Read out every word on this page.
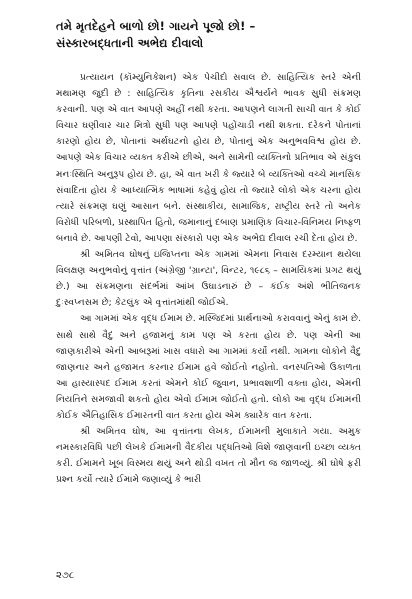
તમે મૃતદેહને બાળો છો! ગાયને પૂજો છો! –
સંસ્કારબદ્ધતાની અભેદ્ય દીવાલો

પ્રત્યાયન (કૉમ્યુનિકેશન) એક પેચીદો સવાલ છે. સાહિત્યિક સ્તરે એની મથામણ જુદી છે : સાહિત્યિક કૃતિના રસકીય ઐશ્વર્યને ભાવક સુધી સંક્રમણ કરવાની. પણ એ વાત આપણે અહીં નથી કરતા. આપણને લાગતી સાચી વાત કે કોઈ વિચાર ઘણીવાર ચાર મિત્રો સુધી પણ આપણે પહોંચાડી નથી શકતા. દરેકને પોતાનાં કારણો હોય છે, પોતાનાં અર્થઘટનો હોય છે, પોતાનું એક અનુભવવિશ્વ હોય છે. આપણે એક વિચાર વ્યક્ત કરીએ છીએ, અને સામેની વ્યક્તિનો પ્રતિભાવ એ સંકુલ મનઃસ્થિતિ અનુરૂપ હોય છે. હા, એ વાત ખરી કે જ્યારે બે વ્યક્તિઓ વચ્ચે માનસિક સંવાદિતા હોય કે આધ્યાત્મિક ભાષામાં કહેવું હોય તો જ્યારે લોકો એક ચરના હોય ત્યારે સંક્રમણ ઘણું આસાન બને. સંસ્થાકીય, સામાજિક, રાષ્ટ્રીય સ્તરે તો અનેક વિરોધી પરિબળો, પ્રસ્થાપિત હિતો, જમાનાનું દબાણ પ્રમાણિક વિચાર-વિનિમય નિષ્ફળ બનાવે છે. આપણી ટેવો, આપણા સંસ્કારો પણ એક અભેદ્ય દીવાલ રચી દેતા હોય છે.

શ્રી અમિતવ ઘોષનું ઇજિપ્તના એક ગામમાં એમના નિવાસ દરમ્યાન થયેલા વિલક્ષણ અનુભવોનું વૃત્તાંત (અંગ્રેજી 'ગ્રાન્ટા', વિન્ટર, ૧૯૮૬ – સામયિકમાં પ્રગટ થયું છે.) આ સંક્રમણના સંદર્ભમાં આંખ ઉઘાડનારું છે – કંઈક અંશે ભીતિજનક દુઃસ્વપ્નસમ છે; કેટલુંક એ વૃત્તાંતમાંથી જોઈએ.

આ ગામમાં એક વૃદ્ધ ઈમામ છે. મસ્જિદમાં પ્રાર્થનાઓ કરાવવાનું એનું કામ છે. સાથે સાથે વૈદું અને હજામનું કામ પણ એ કરતા હોય છે. પણ એની આ જાણકારીએ એની આબરૂમાં ખાસ વધારો આ ગામમાં કર્યો નથી. ગામના લોકોને વૈદું જાણનાર અને હજામત કરનાર ઈમામ હવે જોઈતો નહોતો. વનસ્પતિઓ ઉકાળતા આ હાસ્યાસ્પદ ઈમામ કરતાં એમને કોઈ જુવાન, પ્રભાવશાળી વક્તા હોય, એમની નિયતિને સમજાવી શકતો હોય એવો ઈમામ જોઈતો હતો. લોકો આ વૃદ્ધ ઈમામની કોઈક ઐતિહાસિક ઈમારતની વાત કરતા હોય એમ ક્યારેક વાત કરતા.

શ્રી અમિતવ ઘોષ, આ વૃત્તાંતના લેખક, ઈમામની મુલાકાતે ગયા. અમુક નમસ્કારવિધિ પછી લેખકે ઈમામની વૈદકીય પદ્ધતિઓ વિશે જાણવાની ઇચ્છા વ્યક્ત કરી. ઈમામને ખૂબ વિસ્મય થયું અને થોડી વખત તો મૌન જ જાળવ્યું. શ્રી ઘોષે ફરી પ્રશ્ન કર્યો ત્યારે ઈમામે જણાવ્યું કે ભારી

૨૭૮
